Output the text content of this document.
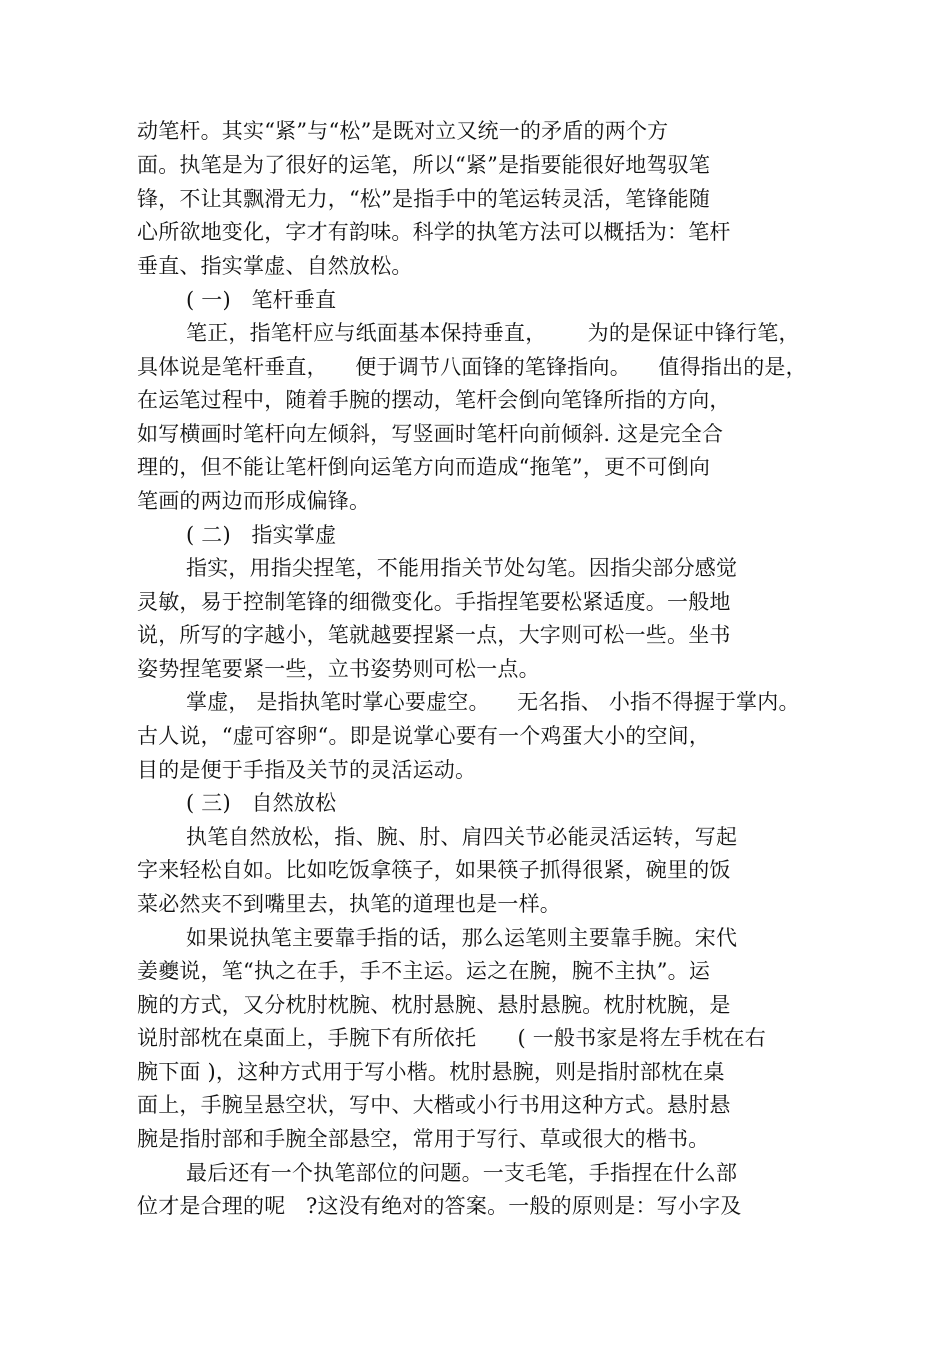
动笔杆。其实“紧”与“松”是既对立又统一的矛盾的两个方
面。执笔是为了很好的运笔，所以“紧”是指要能很好地驾驭笔
锋，不让其飘滑无力，“松”是指手中的笔运转灵活，笔锋能随
心所欲地变化，字才有韵味。科学的执笔方法可以概括为：笔杆
垂直、指实掌虚、自然放松。
( 一)   笔杆垂直
笔正，指笔杆应与纸面基本保持垂直，      为的是保证中锋行笔，
具体说是笔杆垂直，    便于调节八面锋的笔锋指向。    值得指出的是，
在运笔过程中，随着手腕的摆动，笔杆会倒向笔锋所指的方向，
如写横画时笔杆向左倾斜，写竖画时笔杆向前倾斜. 这是完全合
理的，但不能让笔杆倒向运笔方向而造成“拖笔”，更不可倒向
笔画的两边而形成偏锋。
( 二)   指实掌虚
指实，用指尖捏笔，不能用指关节处勾笔。因指尖部分感觉
灵敏，易于控制笔锋的细微变化。手指捏笔要松紧适度。一般地
说，所写的字越小，笔就越要捏紧一点，大字则可松一些。坐书
姿势捏笔要紧一些，立书姿势则可松一点。
掌虚， 是指执笔时掌心要虚空。    无名指、 小指不得握于掌内。
古人说，“虚可容卵“。即是说掌心要有一个鸡蛋大小的空间，
目的是便于手指及关节的灵活运动。
( 三)   自然放松
执笔自然放松，指、腕、肘、肩四关节必能灵活运转，写起
字来轻松自如。比如吃饭拿筷子，如果筷子抓得很紧，碗里的饭
菜必然夹不到嘴里去，执笔的道理也是一样。
如果说执笔主要靠手指的话，那么运笔则主要靠手腕。宋代
姜夔说，笔“执之在手，手不主运。运之在腕，腕不主执”。运
腕的方式，又分枕肘枕腕、枕肘悬腕、悬肘悬腕。枕肘枕腕，是
说肘部枕在桌面上，手腕下有所依托      ( 一般书家是将左手枕在右
腕下面 )，这种方式用于写小楷。枕肘悬腕，则是指肘部枕在桌
面上，手腕呈悬空状，写中、大楷或小行书用这种方式。悬肘悬
腕是指肘部和手腕全部悬空，常用于写行、草或很大的楷书。
最后还有一个执笔部位的问题。一支毛笔，手指捏在什么部
位才是合理的呢   ?这没有绝对的答案。一般的原则是：写小字及
